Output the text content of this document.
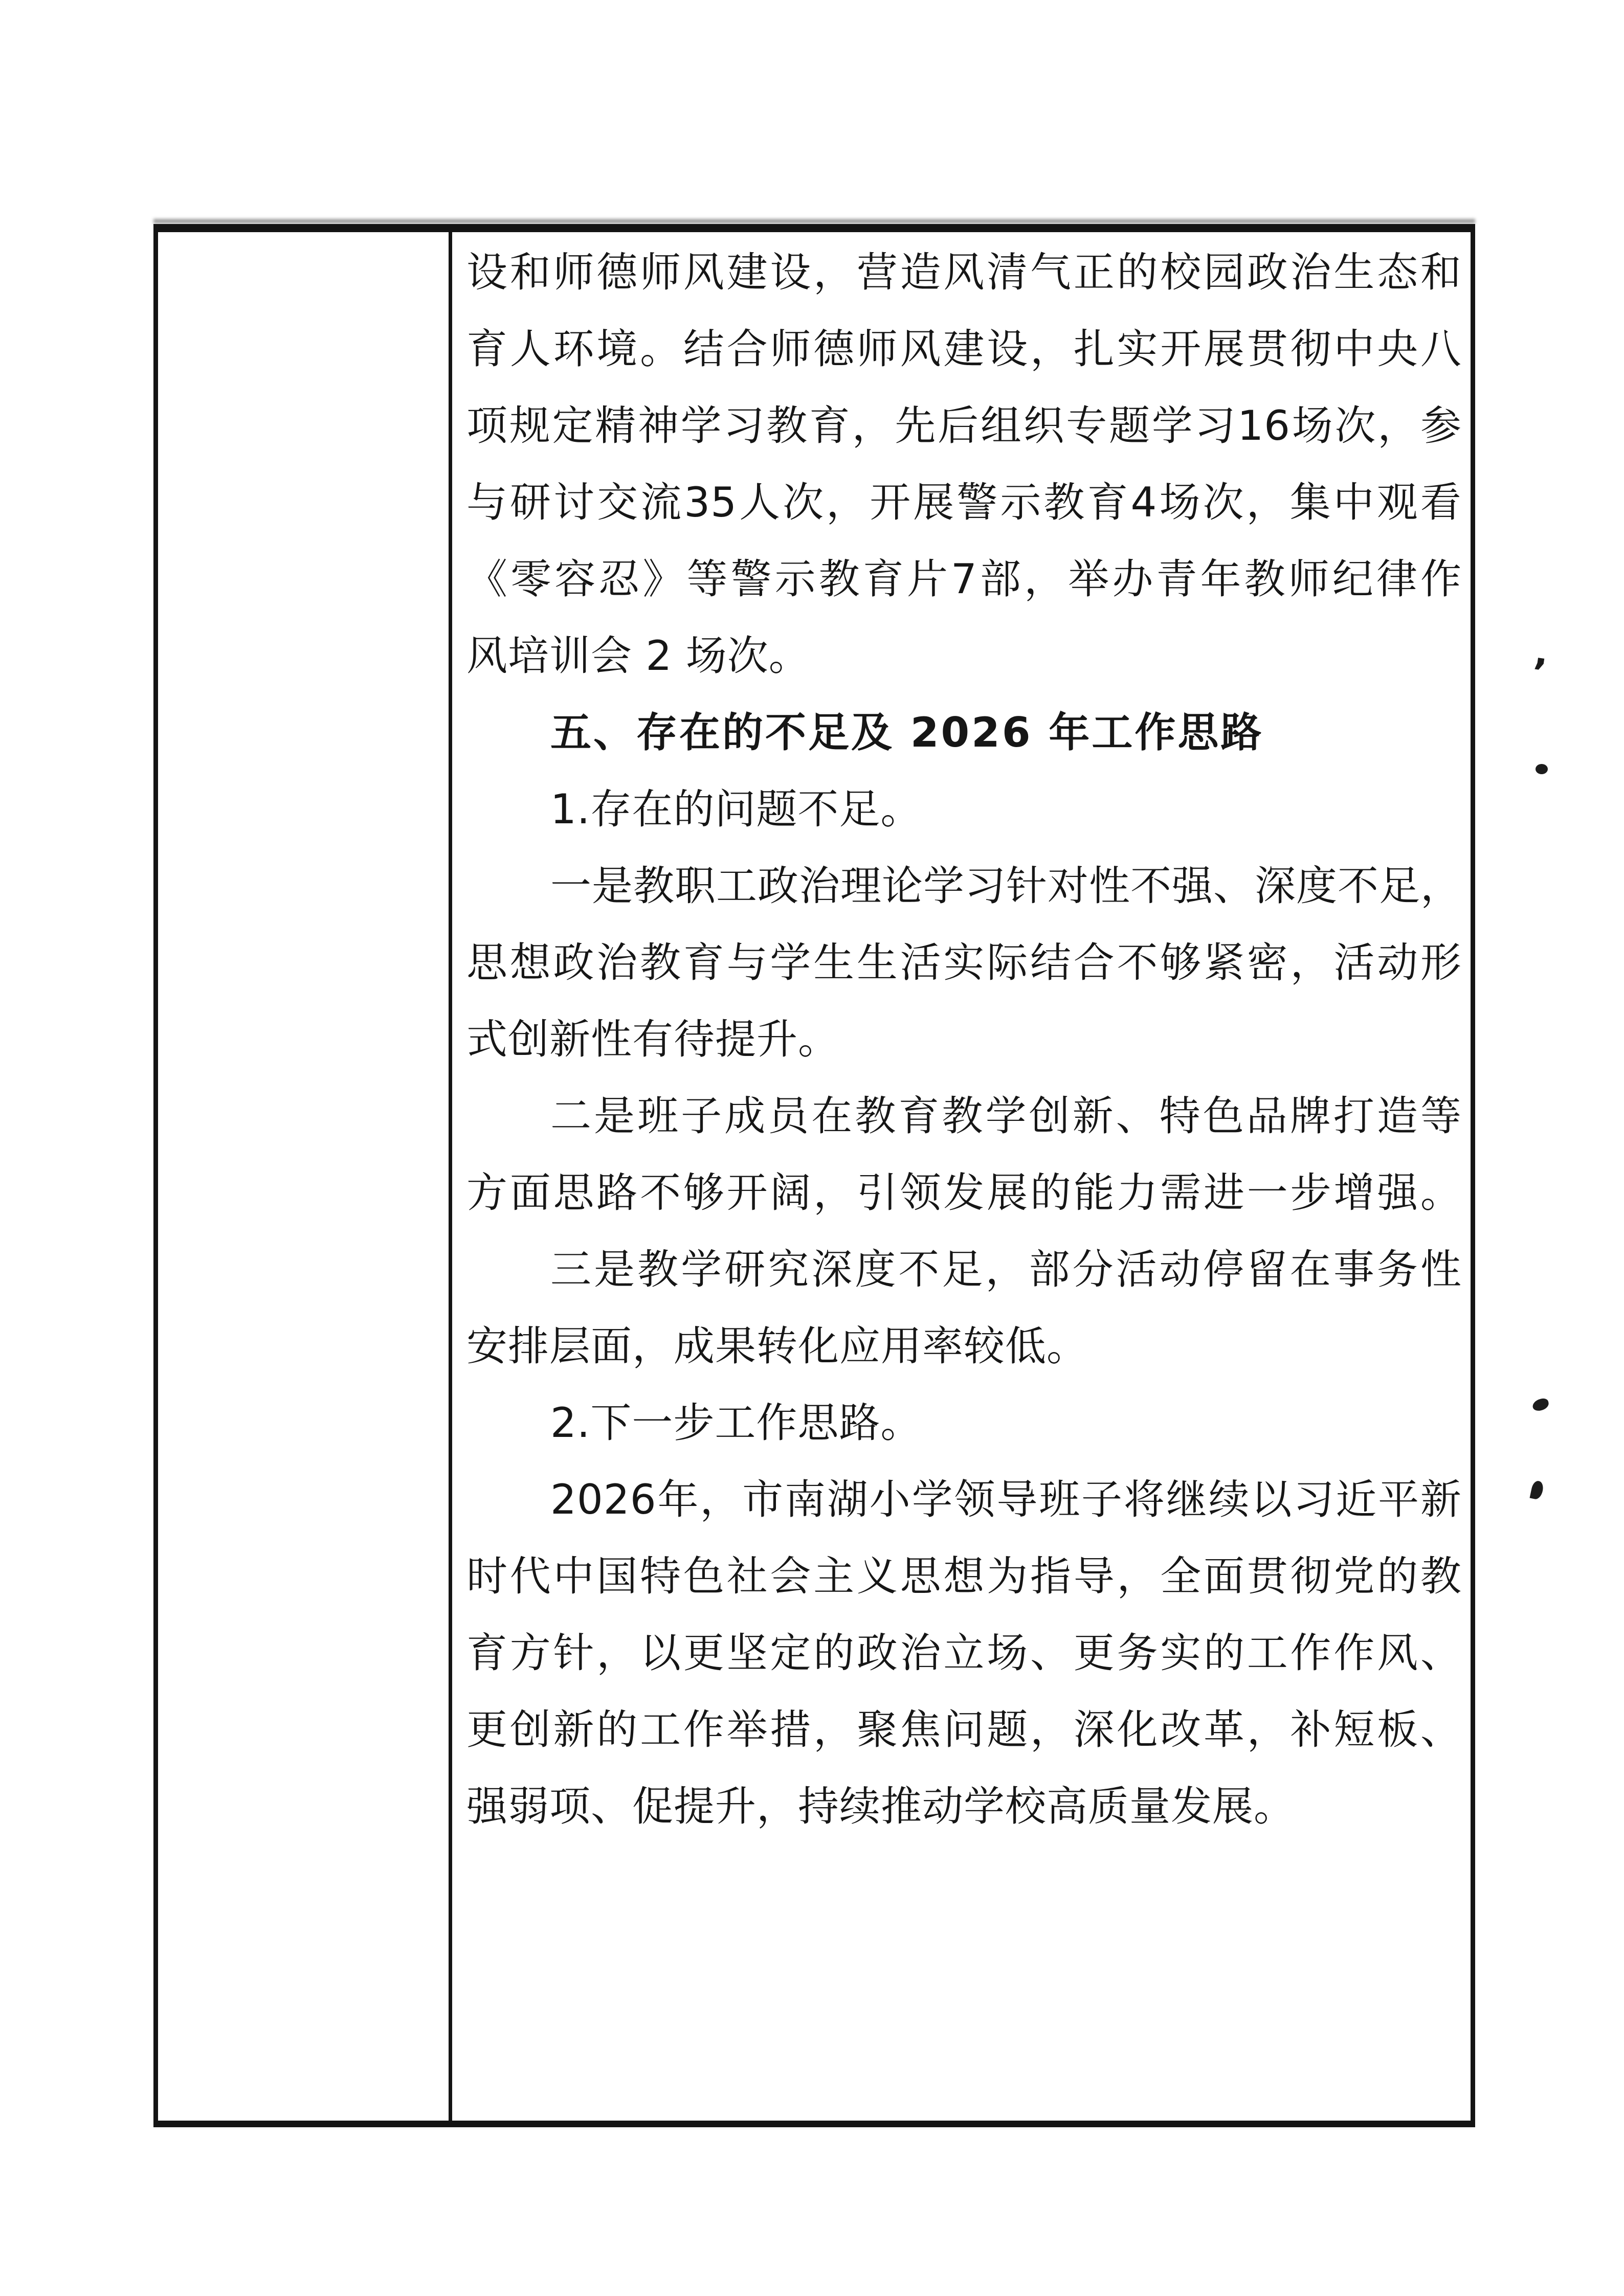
设 和 师 德 师 风 建 设 ， 营 造 风 清 气 正 的 校 园 政 治 生 态 和
育 人 环 境 。 结 合 师 德 师 风 建 设 ， 扎 实 开 展 贯 彻 中 央 八
项 规 定 精 神 学 习 教 育 ， 先 后 组 织 专 题 学 习 16 场 次 ， 参
与 研 讨 交 流 35 人 次 ， 开 展 警 示 教 育 4 场 次 ， 集 中 观 看
《 零 容 忍 》 等 警 示 教 育 片 7 部 ， 举 办 青 年 教 师 纪 律 作
风培训会 2 场次。
五、存在的不足及 2026 年工作思路
1.存在的问题不足。
一 是 教 职 工 政 治 理 论 学 习 针 对 性 不 强 、 深 度 不 足 ，
思 想 政 治 教 育 与 学 生 生 活 实 际 结 合 不 够 紧 密 ， 活 动 形
式创新性有待提升。
二 是 班 子 成 员 在 教 育 教 学 创 新 、 特 色 品 牌 打 造 等
方 面 思 路 不 够 开 阔 ， 引 领 发 展 的 能 力 需 进 一 步 增 强 。
三 是 教 学 研 究 深 度 不 足 ， 部 分 活 动 停 留 在 事 务 性
安排层面，成果转化应用率较低。
2.下一步工作思路。
2026 年 ， 市 南 湖 小 学 领 导 班 子 将 继 续 以 习 近 平 新
时 代 中 国 特 色 社 会 主 义 思 想 为 指 导 ， 全 面 贯 彻 党 的 教
育 方 针 ， 以 更 坚 定 的 政 治 立 场 、 更 务 实 的 工 作 作 风 、
更 创 新 的 工 作 举 措 ， 聚 焦 问 题 ， 深 化 改 革 ， 补 短 板 、
强弱项、促提升，持续推动学校高质量发展。
’
